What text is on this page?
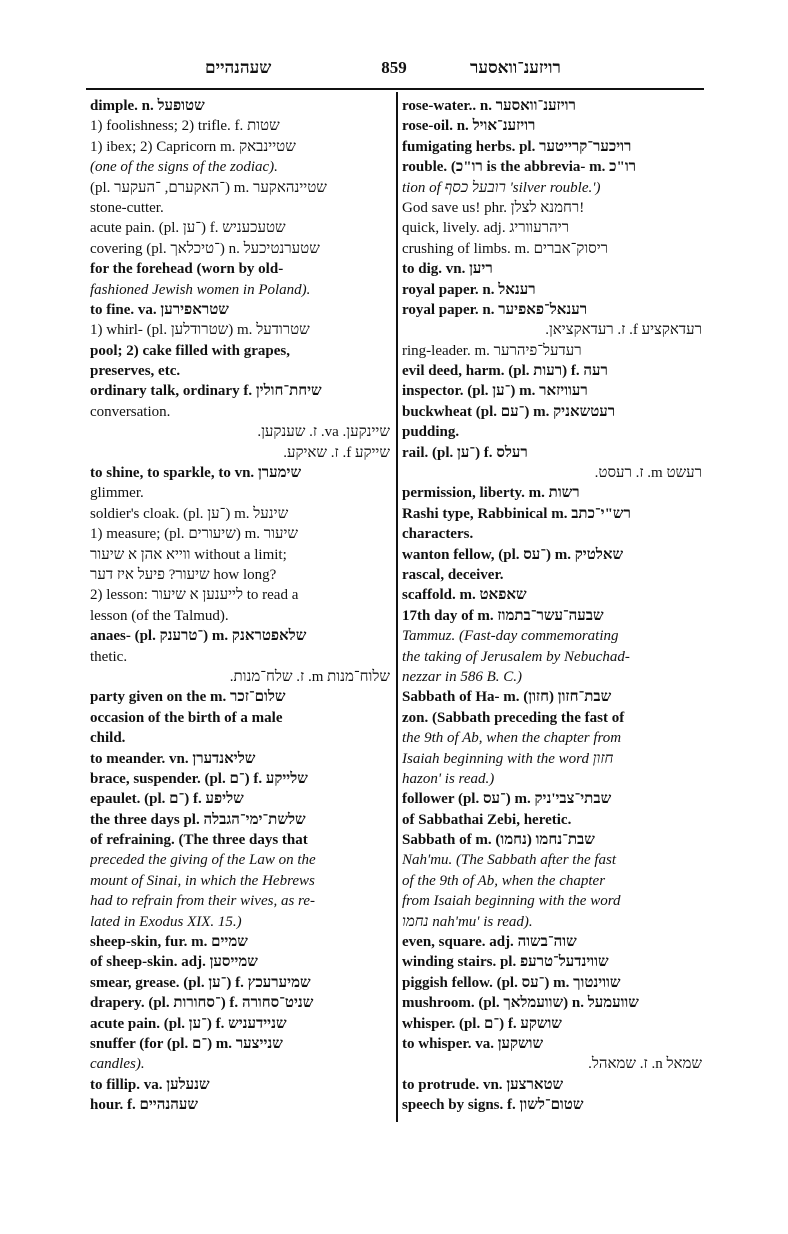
שעהנהיים	859	רויזענ־וואסער
dimple. n. שטופעל
1) foolishness; 2) trifle. f. שטות
1) ibex; 2) Capricorn m. שטיינבאק
(one of the signs of the zodiac).
(pl. ־האקערם, ־העקער) m. שטיינהאקער
stone-cutter.
acute pain. (pl. ־ען) f. שטעכעניש
covering (pl. ־טיכלאך) n. שטערנטיכעל
for the forehead (worn by old-
fashioned Jewish women in Poland).
to fine. va. שטראפירען
1) whirl- (pl. שטרודלען) m. שטרודעל
pool; 2) cake filled with grapes,
preserves, etc.
ordinary talk, ordinary f. שיחת־חולין
conversation.
שיינקען. va. ז. שענקען.
שייקע f. ז. שאיקע.
to shine, to sparkle, to vn. שימערן
glimmer.
soldier's cloak. (pl. ־ען) m. שינעל
1) measure; (pl. שיעורים) m. שיעור
ווייא אהן א שיעור without a limit;
שיעור? פיעל איז דער how long?
2) lesson: לייענען א שיעור to read a
lesson (of the Talmud).
anaes- (pl. ־טרענק) m. שלאפטראנק
thetic.
שלוח־מנות m. ז. שלח־מנות.
party given on the m. שלום־זכר
occasion of the birth of a male
child.
to meander. vn. שליאנדערן
brace, suspender. (pl. ־ם) f. שלייקע
epaulet. (pl. ־ם) f. שליפע
the three days pl. שלשת־ימי־הגבלה
of refraining. (The three days that
preceded the giving of the Law on the
mount of Sinai, in which the Hebrews
had to refrain from their wives, as re-
lated in Exodus XIX. 15.)
sheep-skin, fur. m. שמיים
of sheep-skin. adj. שמייסען
smear, grease. (pl. ־ען) f. שמיערעכץ
drapery. (pl. ־סחורות) f. שניט־סחורה
acute pain. (pl. ־ען) f. שניידעניש
snuffer (for (pl. ־ם) m. שנייצער
candles).
to fillip. va. שנעלען
hour. f. שעהנהיים
rose-water.. n. רויזענ־וואסער
rose-oil. n. רויזענ־אויל
fumigating herbs. pl. רויכער־קרייטער
rouble. (רו"כ is the abbrevia- m. רו"כ
tion of רובעל כסף 'silver rouble.')
God save us! phr. רחמנא לצלן!
quick, lively. adj. ריהרעווריג
crushing of limbs. m. ריסוק־אברים
to dig. vn. ריען
royal paper. n. רענאל
royal paper. n. רענאל־פאפיער
רעדאקציע f. ז. רעדאקציאן.
ring-leader. m. רעדעל־פיהרער
evil deed, harm. (pl. רעות) f. רעה
inspector. (pl. ־ען) m. רעוויזאר
buckwheat (pl. ־עם) m. רעטשאניק
pudding.
rail. (pl. ־ען) f. רעלס
רעשט m. ז. רעסט.
permission, liberty. m. רשות
Rashi type, Rabbinical m. רש"י־כתב
characters.
wanton fellow, (pl. ־עס) m. שאלטיק
rascal, deceiver.
scaffold. m. שאפאט
17th day of m. שבעה־עשר־בתמוז
Tammuz. (Fast-day commemorating
the taking of Jerusalem by Nebuchad-
nezzar in 586 B. C.)
Sabbath of Ha- m. (חזון) שבת־חזון
zon. (Sabbath preceding the fast of
the 9th of Ab, when the chapter from
Isaiah beginning with the word חזון
hazon' is read.)
follower (pl. ־עס) m. שבתי־צבי'ניק
of Sabbathai Zebi, heretic.
Sabbath of m. (נחמו) שבת־נחמו
Nah'mu. (The Sabbath after the fast
of the 9th of Ab, when the chapter
from Isaiah beginning with the word
נחמו nah'mu' is read).
even, square. adj. שוה־בשוה
winding stairs. pl. שווינדעל־טרעפ
piggish fellow. (pl. ־עס) m. שווינטוך
mushroom. (pl. שוועמלאך) n. שוועמעל
whisper. (pl. ־ם) f. שושקע
to whisper. va. שושקען
שמאל n. ז. שמאהל.
to protrude. vn. שטארצען
speech by signs. f. שטום־לשון
